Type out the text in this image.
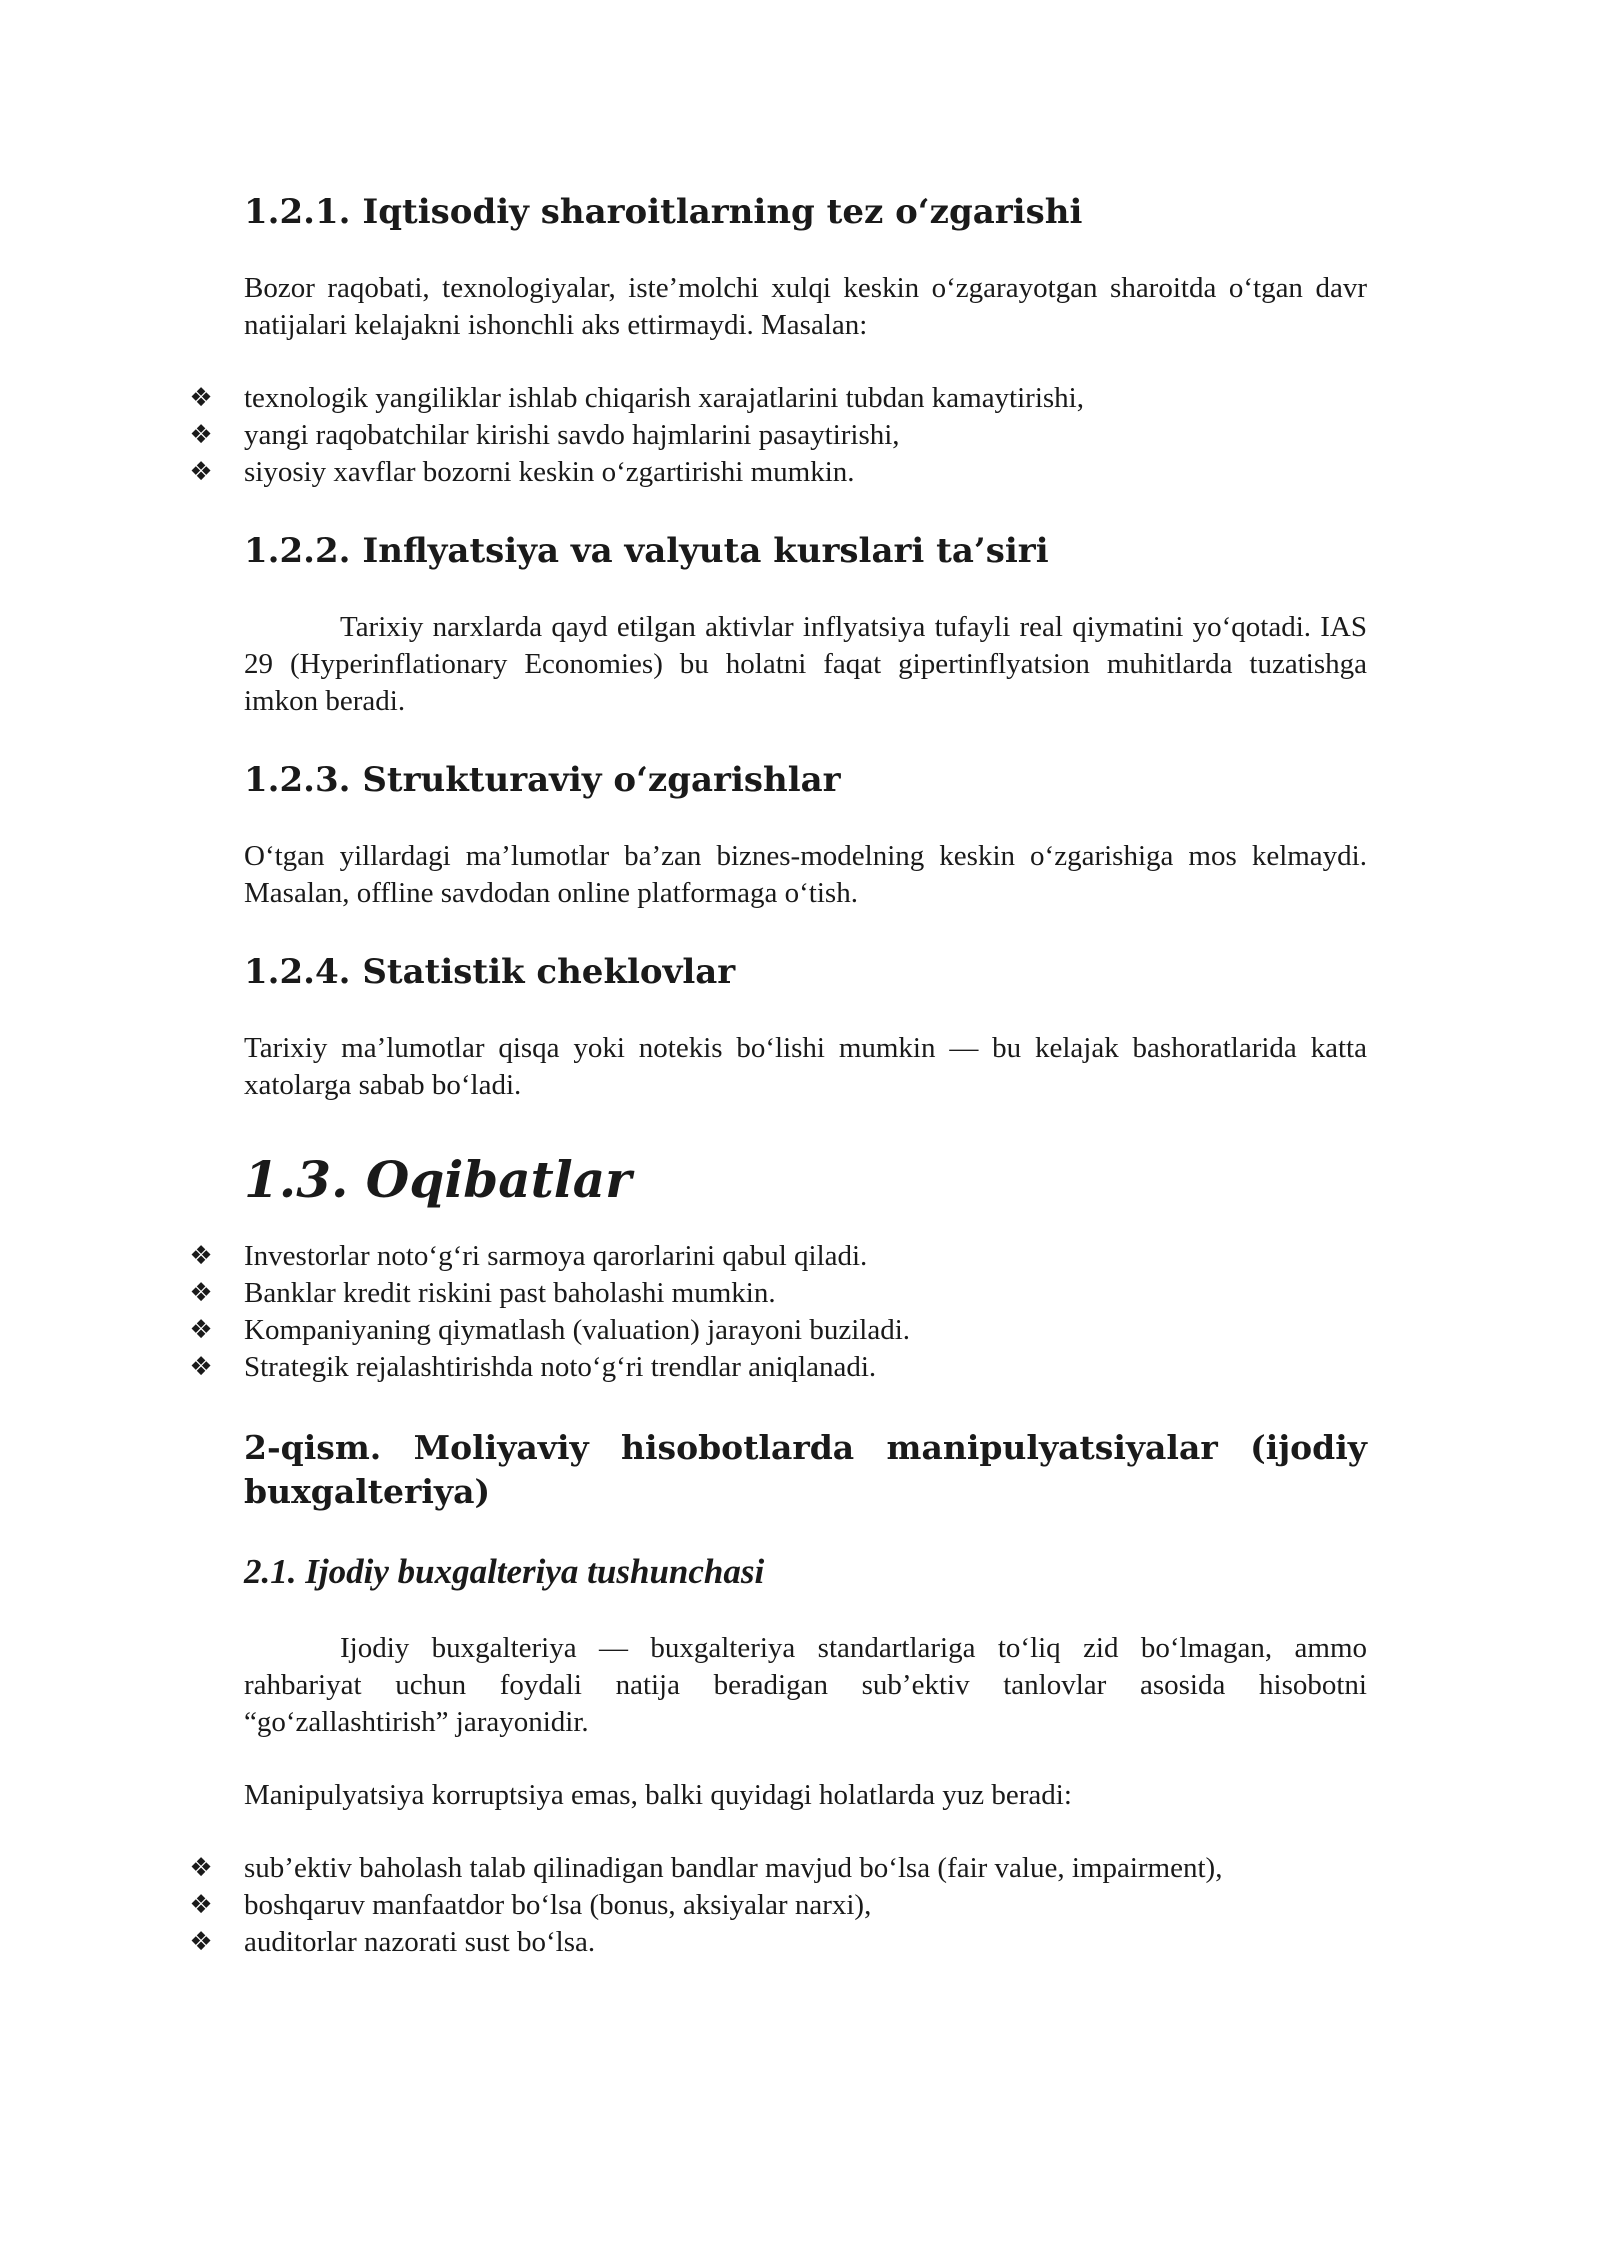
1.2.1. Iqtisodiy sharoitlarning tez o‘zgarishi

Bozor raqobati, texnologiyalar, iste’molchi xulqi keskin o‘zgarayotgan sharoitda o‘tgan davr natijalari kelajakni ishonchli aks ettirmaydi. Masalan:

❖ texnologik yangiliklar ishlab chiqarish xarajatlarini tubdan kamaytirishi,
❖ yangi raqobatchilar kirishi savdo hajmlarini pasaytirishi,
❖ siyosiy xavflar bozorni keskin o‘zgartirishi mumkin.
1.2.2. Inflyatsiya va valyuta kurslari ta’siri

Tarixiy narxlarda qayd etilgan aktivlar inflyatsiya tufayli real qiymatini yo‘qotadi. IAS 29 (Hyperinflationary Economies) bu holatni faqat gipertinflyatsion muhitlarda tuzatishga imkon beradi.

1.2.3. Strukturaviy o‘zgarishlar

O‘tgan yillardagi ma’lumotlar ba’zan biznes-modelning keskin o‘zgarishiga mos kelmaydi. Masalan, offline savdodan online platformaga o‘tish.

1.2.4. Statistik cheklovlar

Tarixiy ma’lumotlar qisqa yoki notekis bo‘lishi mumkin — bu kelajak bashoratlarida katta xatolarga sabab bo‘ladi.

1.3. Oqibatlar
❖ Investorlar noto‘g‘ri sarmoya qarorlarini qabul qiladi.
❖ Banklar kredit riskini past baholashi mumkin.
❖ Kompaniyaning qiymatlash (valuation) jarayoni buziladi.
❖ Strategik rejalashtirishda noto‘g‘ri trendlar aniqlanadi.
2-qism. Moliyaviy hisobotlarda manipulyatsiyalar (ijodiy
buxgalteriya)
2.1. Ijodiy buxgalteriya tushunchasi

Ijodiy buxgalteriya — buxgalteriya standartlariga to‘liq zid bo‘lmagan, ammo rahbariyat uchun foydali natija beradigan sub’ektiv tanlovlar asosida hisobotni “go‘zallashtirish” jarayonidir.

Manipulyatsiya korruptsiya emas, balki quyidagi holatlarda yuz beradi:

❖ sub’ektiv baholash talab qilinadigan bandlar mavjud bo‘lsa (fair value, impairment),
❖ boshqaruv manfaatdor bo‘lsa (bonus, aksiyalar narxi),
❖ auditorlar nazorati sust bo‘lsa.
